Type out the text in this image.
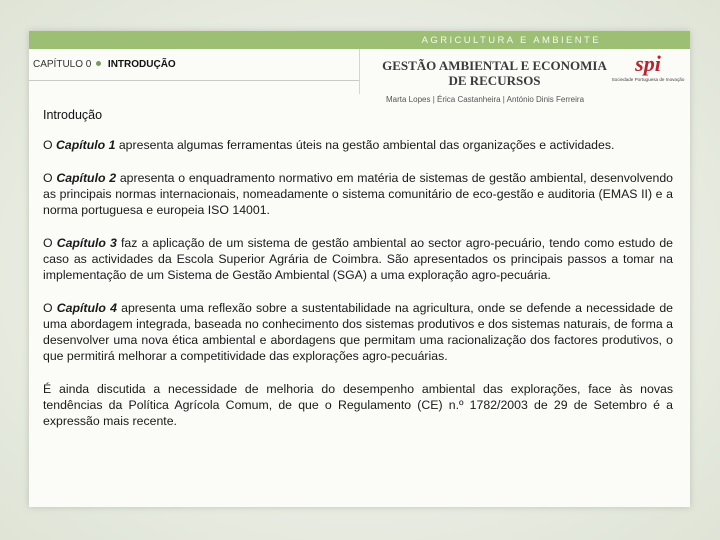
AGRICULTURA E AMBIENTE
CAPÍTULO 0 INTRODUÇÃO	GESTÃO AMBIENTAL E ECONOMIA
DE RECURSOS
spi
Sociedade Portuguesa de Inovação
Marta Lopes | Érica Castanheira | António Dinis Ferreira
Introdução

O Capítulo 1 apresenta algumas ferramentas úteis na gestão ambiental das organizações e actividades.

O Capítulo 2 apresenta o enquadramento normativo em matéria de sistemas de gestão ambiental, desenvolvendo as principais normas internacionais, nomeadamente o sistema comunitário de eco-gestão e auditoria (EMAS II) e a norma portuguesa e europeia ISO 14001.

O Capítulo 3 faz a aplicação de um sistema de gestão ambiental ao sector agro-pecuário, tendo como estudo de caso as actividades da Escola Superior Agrária de Coimbra. São apresentados os principais passos a tomar na implementação de um Sistema de Gestão Ambiental (SGA) a uma exploração agro-pecuária.

O Capítulo 4 apresenta uma reflexão sobre a sustentabilidade na agricultura, onde se defende a necessidade de uma abordagem integrada, baseada no conhecimento dos sistemas produtivos e dos sistemas naturais, de forma a desenvolver uma nova ética ambiental e abordagens que permitam uma racionalização dos factores produtivos, o que permitirá melhorar a competitividade das explorações agro-pecuárias.

É ainda discutida a necessidade de melhoria do desempenho ambiental das explorações, face às novas tendências da Política Agrícola Comum, de que o Regulamento (CE) n.º 1782/2003 de 29 de Setembro é a expressão mais recente.
